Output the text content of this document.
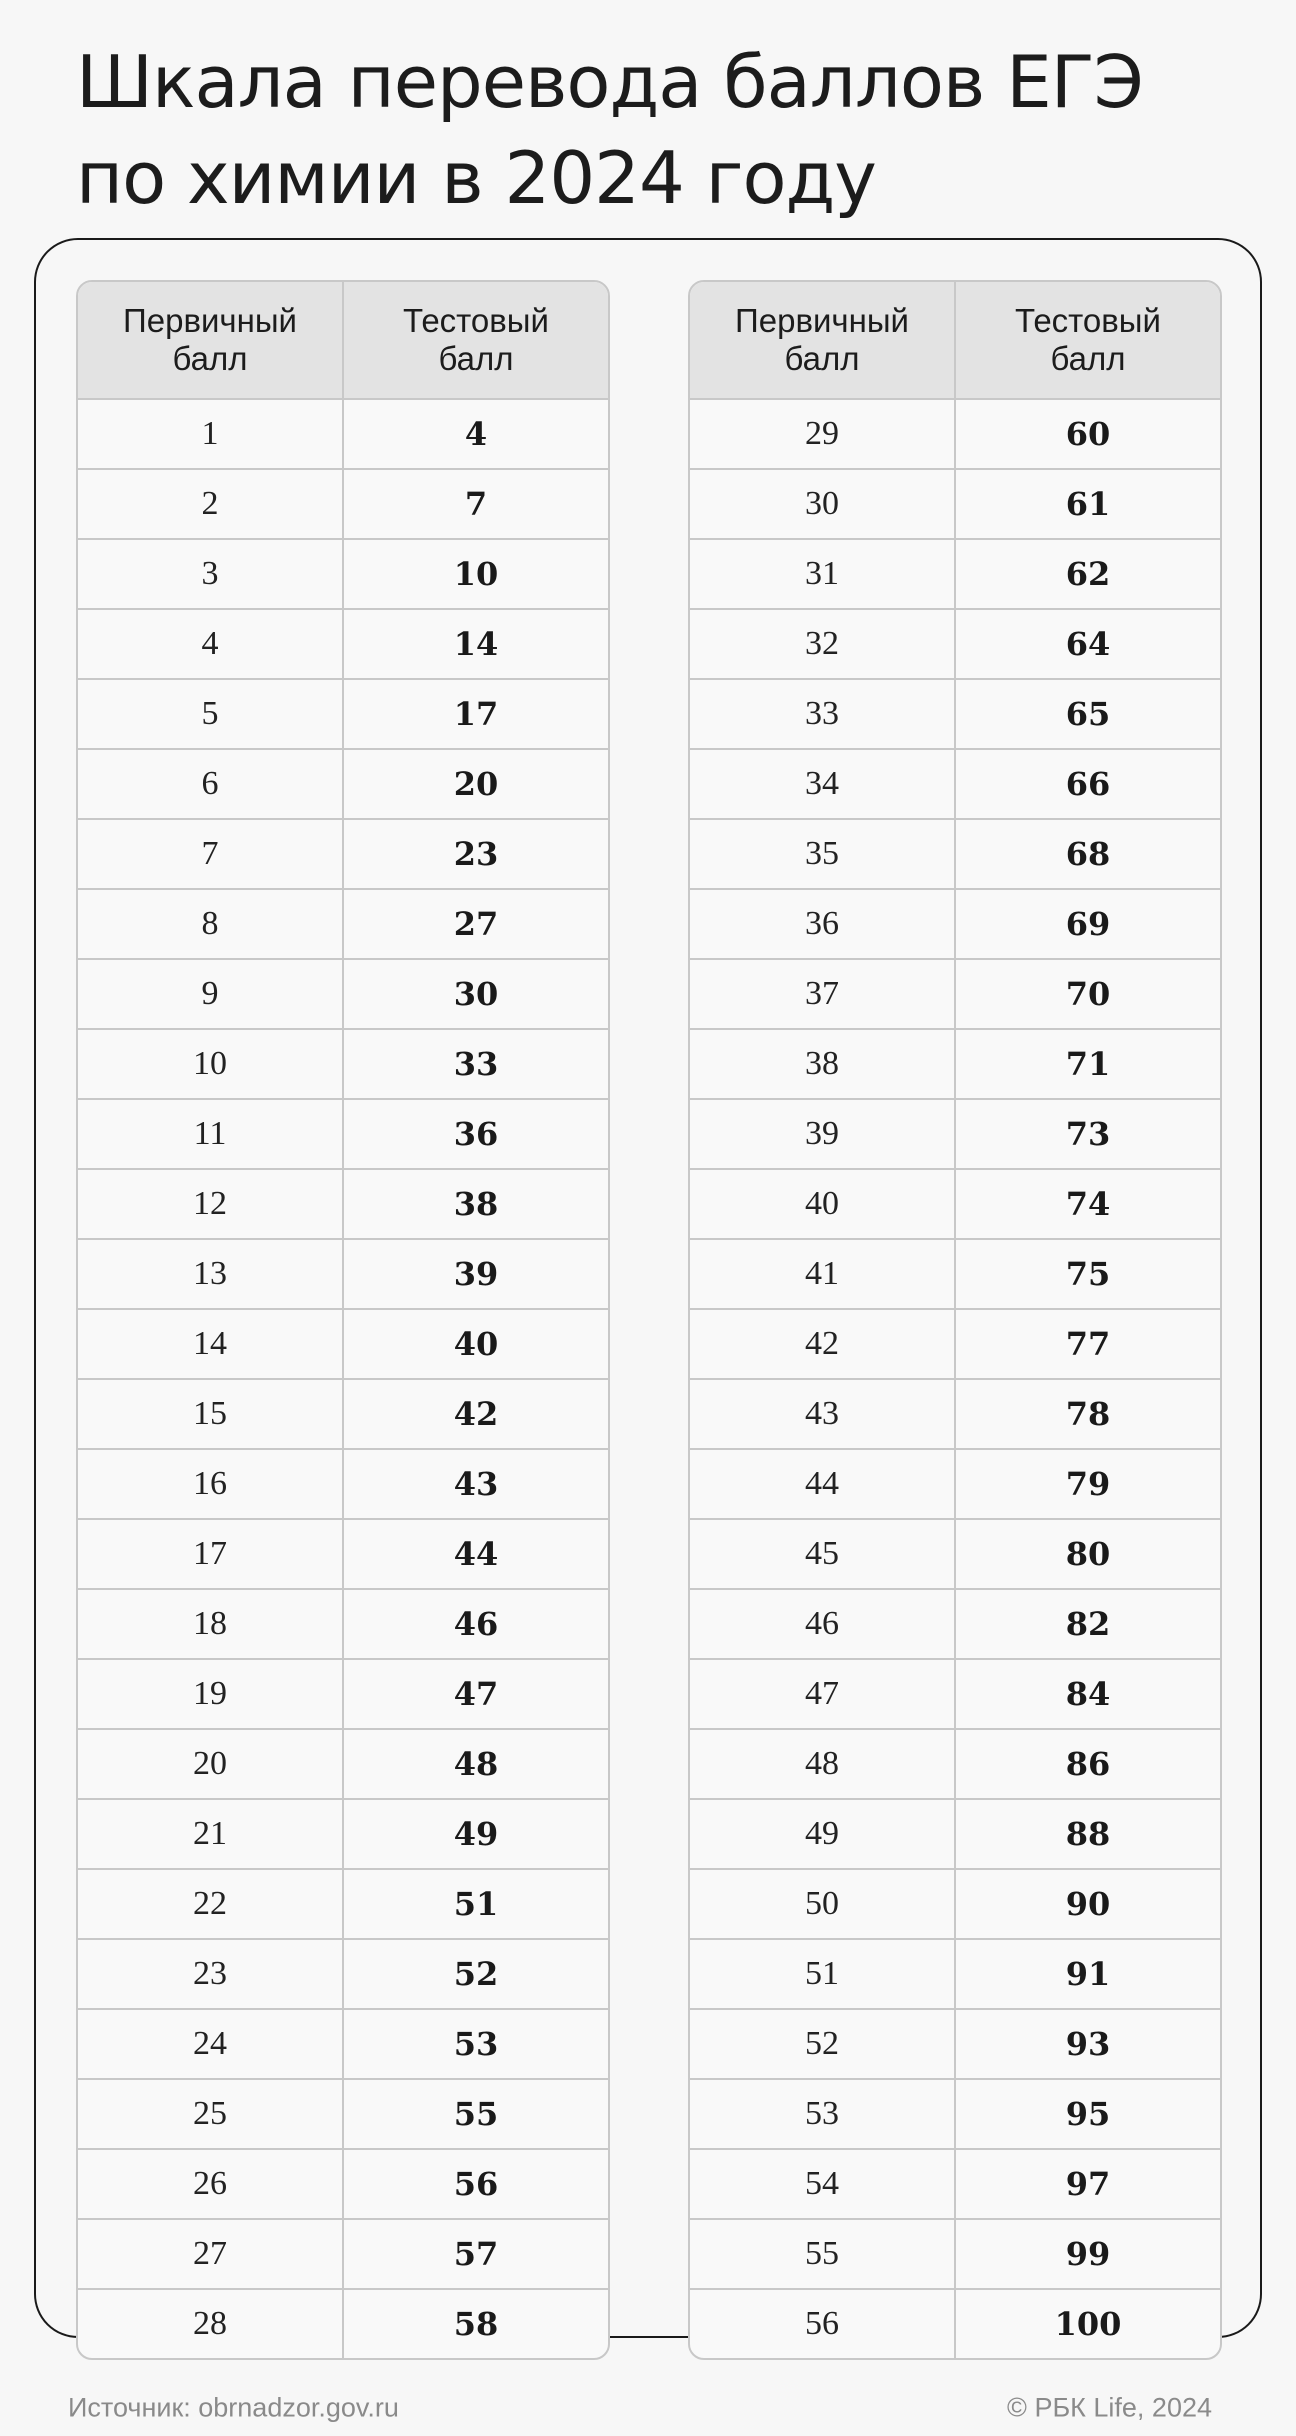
Шкала перевода баллов ЕГЭ
по химии в 2024 году
Первичный
балл
Тестовый
балл
1	4
2	7
3	10
4	14
5	17
6	20
7	23
8	27
9	30
10	33
11	36
12	38
13	39
14	40
15	42
16	43
17	44
18	46
19	47
20	48
21	49
22	51
23	52
24	53
25	55
26	56
27	57
28	58
Первичный
балл
Тестовый
балл
29	60
30	61
31	62
32	64
33	65
34	66
35	68
36	69
37	70
38	71
39	73
40	74
41	75
42	77
43	78
44	79
45	80
46	82
47	84
48	86
49	88
50	90
51	91
52	93
53	95
54	97
55	99
56	100

Источник: obrnadzor.gov.ru	© РБК Life, 2024
